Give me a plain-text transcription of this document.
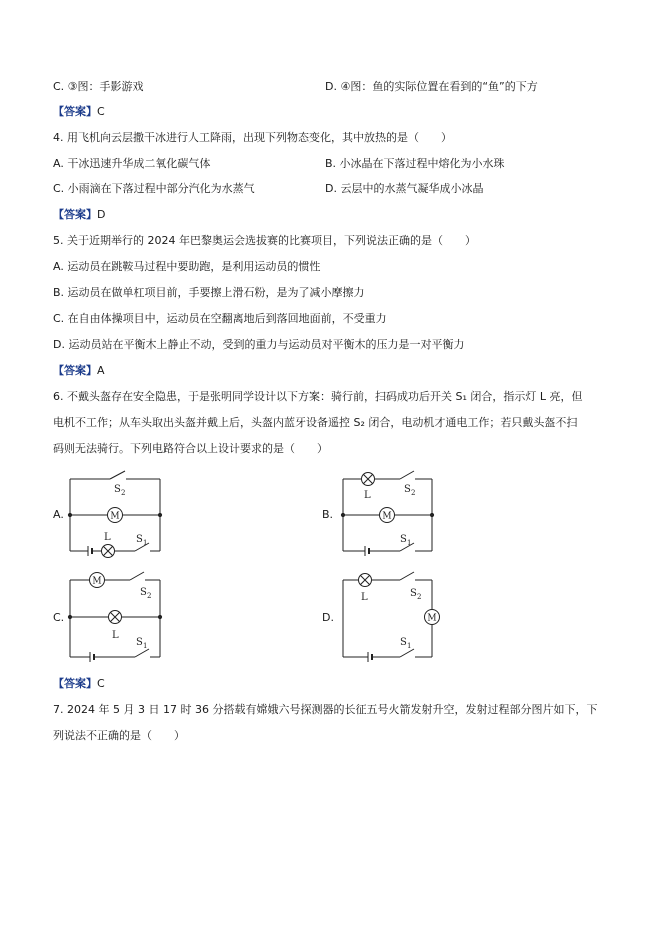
C. ③图：手影游戏	D. ④图：鱼的实际位置在看到的“鱼”的下方
【答案】C
4. 用飞机向云层撒干冰进行人工降雨，出现下列物态变化，其中放热的是（　　）
A. 干冰迅速升华成二氧化碳气体	B. 小冰晶在下落过程中熔化为小水珠
C. 小雨滴在下落过程中部分汽化为水蒸气	D. 云层中的水蒸气凝华成小冰晶
【答案】D
5. 关于近期举行的 2024 年巴黎奥运会选拔赛的比赛项目，下列说法正确的是（　　）
A. 运动员在跳鞍马过程中要助跑，是利用运动员的惯性
B. 运动员在做单杠项目前，手要擦上滑石粉，是为了减小摩擦力
C. 在自由体操项目中，运动员在空翻离地后到落回地面前，不受重力
D. 运动员站在平衡木上静止不动，受到的重力与运动员对平衡木的压力是一对平衡力
【答案】A
6. 不戴头盔存在安全隐患，于是张明同学设计以下方案：骑行前，扫码成功后开关 S₁ 闭合，指示灯 L 亮，但
电机不工作；从车头取出头盔并戴上后，头盔内蓝牙设备遥控 S₂ 闭合，电动机才通电工作；若只戴头盔不扫
码则无法骑行。下列电路符合以上设计要求的是（　　）
A.	B.
C.	D.
M	M
M
M
S 2
L	S 1
L
S 2
S 1
S 2
L
S 1
L	S 2
S 1
【答案】C
7. 2024 年 5 月 3 日 17 时 36 分搭载有嫦娥六号探测器的长征五号火箭发射升空，发射过程部分图片如下，下
列说法不正确的是（　　）
